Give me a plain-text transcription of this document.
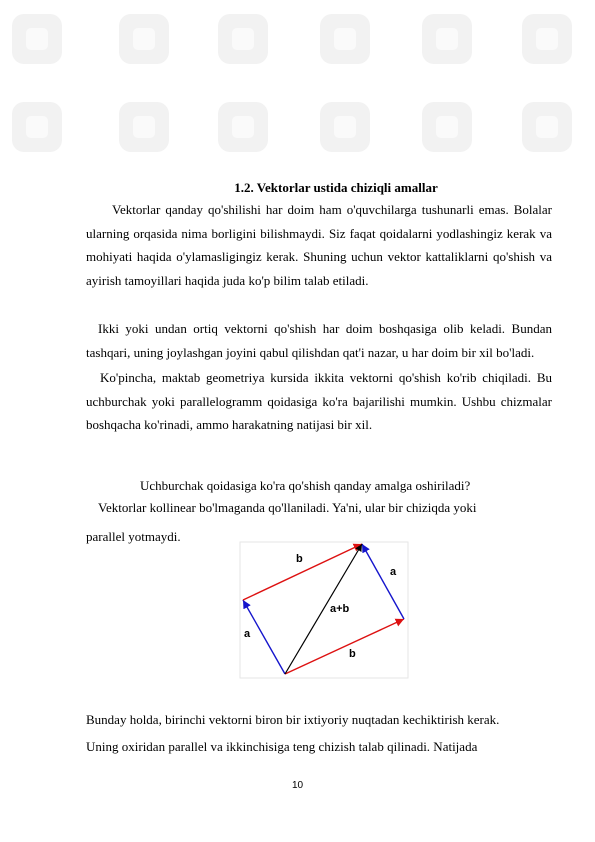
1.2. Vektorlar ustida chiziqli amallar

Vektorlar qanday qo'shilishi har doim ham o'quvchilarga tushunarli emas. Bolalar ularning orqasida nima borligini bilishmaydi. Siz faqat qoidalarni yodlashingiz kerak va mohiyati haqida o'ylamasligingiz kerak. Shuning uchun vektor kattaliklarni qo'shish va ayirish tamoyillari haqida juda ko'p bilim talab etiladi.

Ikki yoki undan ortiq vektorni qo'shish har doim boshqasiga olib keladi. Bundan tashqari, uning joylashgan joyini qabul qilishdan qat'i nazar, u har doim bir xil bo'ladi.

Ko'pincha, maktab geometriya kursida ikkita vektorni qo'shish ko'rib chiqiladi. Bu uchburchak yoki parallelogramm qoidasiga ko'ra bajarilishi mumkin. Ushbu chizmalar boshqacha ko'rinadi, ammo harakatning natijasi bir xil.

Uchburchak qoidasiga ko'ra qo'shish qanday amalga oshiriladi?
Vektorlar kollinear bo'lmaganda qo'llaniladi. Ya'ni, ular bir chiziqda yoki
parallel yotmaydi.
b
a
a+b
a
b
Bunday holda, birinchi vektorni biron bir ixtiyoriy nuqtadan kechiktirish kerak.
Uning oxiridan parallel va ikkinchisiga teng chizish talab qilinadi. Natijada
10
